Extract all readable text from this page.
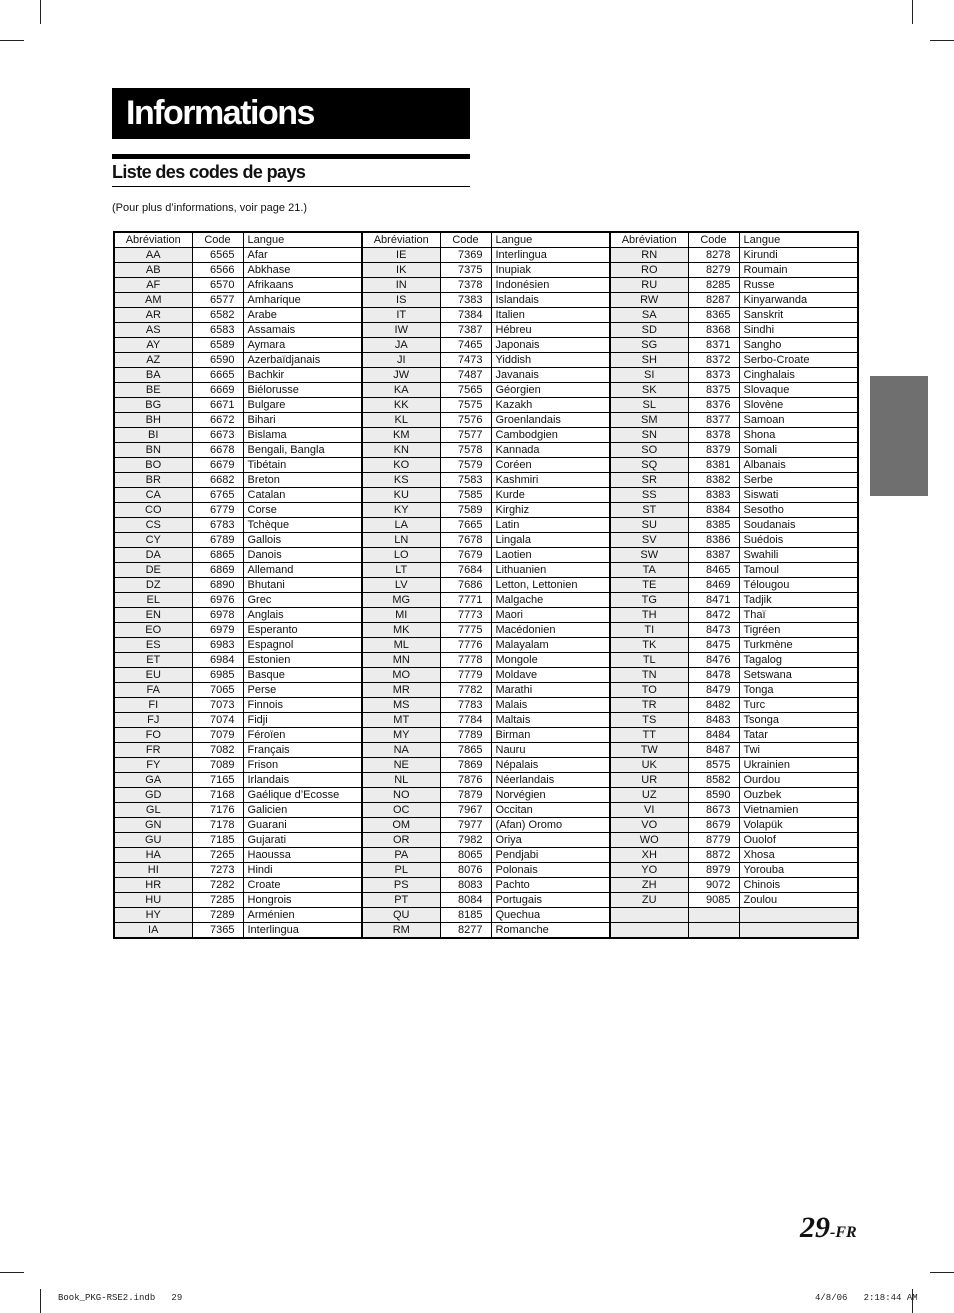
Informations
Liste des codes de pays
(Pour plus d’informations, voir page 21.)
Abréviation	Code	Langue	Abréviation	Code	Langue	Abréviation	Code	Langue
AA	6565	Afar	IE	7369	Interlingua	RN	8278	Kirundi
AB	6566	Abkhase	IK	7375	Inupiak	RO	8279	Roumain
AF	6570	Afrikaans	IN	7378	Indonésien	RU	8285	Russe
AM	6577	Amharique	IS	7383	Islandais	RW	8287	Kinyarwanda
AR	6582	Arabe	IT	7384	Italien	SA	8365	Sanskrit
AS	6583	Assamais	IW	7387	Hébreu	SD	8368	Sindhi
AY	6589	Aymara	JA	7465	Japonais	SG	8371	Sangho
AZ	6590	Azerbaïdjanais	JI	7473	Yiddish	SH	8372	Serbo-Croate
BA	6665	Bachkir	JW	7487	Javanais	SI	8373	Cinghalais
BE	6669	Biélorusse	KA	7565	Géorgien	SK	8375	Slovaque
BG	6671	Bulgare	KK	7575	Kazakh	SL	8376	Slovène
BH	6672	Bihari	KL	7576	Groenlandais	SM	8377	Samoan
BI	6673	Bislama	KM	7577	Cambodgien	SN	8378	Shona
BN	6678	Bengali, Bangla	KN	7578	Kannada	SO	8379	Somali
BO	6679	Tibétain	KO	7579	Coréen	SQ	8381	Albanais
BR	6682	Breton	KS	7583	Kashmiri	SR	8382	Serbe
CA	6765	Catalan	KU	7585	Kurde	SS	8383	Siswati
CO	6779	Corse	KY	7589	Kirghiz	ST	8384	Sesotho
CS	6783	Tchèque	LA	7665	Latin	SU	8385	Soudanais
CY	6789	Gallois	LN	7678	Lingala	SV	8386	Suédois
DA	6865	Danois	LO	7679	Laotien	SW	8387	Swahili
DE	6869	Allemand	LT	7684	Lithuanien	TA	8465	Tamoul
DZ	6890	Bhutani	LV	7686	Letton, Lettonien	TE	8469	Télougou
EL	6976	Grec	MG	7771	Malgache	TG	8471	Tadjik
EN	6978	Anglais	MI	7773	Maori	TH	8472	Thaï
EO	6979	Esperanto	MK	7775	Macédonien	TI	8473	Tigréen
ES	6983	Espagnol	ML	7776	Malayalam	TK	8475	Turkmène
ET	6984	Estonien	MN	7778	Mongole	TL	8476	Tagalog
EU	6985	Basque	MO	7779	Moldave	TN	8478	Setswana
FA	7065	Perse	MR	7782	Marathi	TO	8479	Tonga
FI	7073	Finnois	MS	7783	Malais	TR	8482	Turc
FJ	7074	Fidji	MT	7784	Maltais	TS	8483	Tsonga
FO	7079	Féroïen	MY	7789	Birman	TT	8484	Tatar
FR	7082	Français	NA	7865	Nauru	TW	8487	Twi
FY	7089	Frison	NE	7869	Népalais	UK	8575	Ukrainien
GA	7165	Irlandais	NL	7876	Néerlandais	UR	8582	Ourdou
GD	7168	Gaélique d’Ecosse	NO	7879	Norvégien	UZ	8590	Ouzbek
GL	7176	Galicien	OC	7967	Occitan	VI	8673	Vietnamien
GN	7178	Guarani	OM	7977	(Afan) Oromo	VO	8679	Volapük
GU	7185	Gujarati	OR	7982	Oriya	WO	8779	Ouolof
HA	7265	Haoussa	PA	8065	Pendjabi	XH	8872	Xhosa
HI	7273	Hindi	PL	8076	Polonais	YO	8979	Yorouba
HR	7282	Croate	PS	8083	Pachto	ZH	9072	Chinois
HU	7285	Hongrois	PT	8084	Portugais	ZU	9085	Zoulou
HY	7289	Arménien	QU	8185	Quechua			
IA	7365	Interlingua	RM	8277	Romanche			
29-FR
Book_PKG-RSE2.indb   29	4/8/06   2:18:44 AM
